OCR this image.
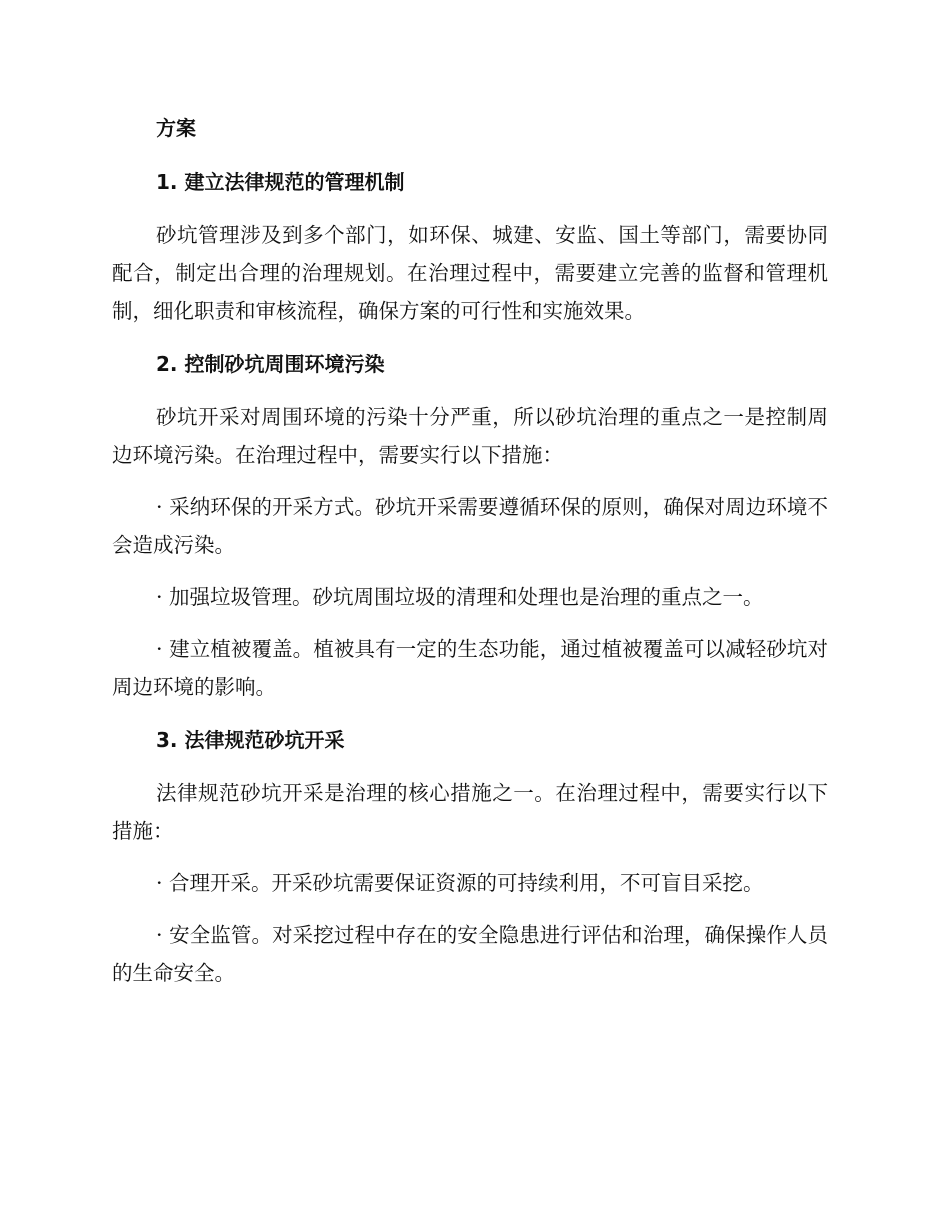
方案
1. 建立法律规范的管理机制
砂坑管理涉及到多个部门，如环保、城建、安监、国土等部门，需要协同配合，制定出合理的治理规划。在治理过程中，需要建立完善的监督和管理机制，细化职责和审核流程，确保方案的可行性和实施效果。
2. 控制砂坑周围环境污染
砂坑开采对周围环境的污染十分严重，所以砂坑治理的重点之一是控制周边环境污染。在治理过程中，需要实行以下措施：
· 采纳环保的开采方式。砂坑开采需要遵循环保的原则，确保对周边环境不会造成污染。
· 加强垃圾管理。砂坑周围垃圾的清理和处理也是治理的重点之一。
· 建立植被覆盖。植被具有一定的生态功能，通过植被覆盖可以减轻砂坑对周边环境的影响。
3. 法律规范砂坑开采
法律规范砂坑开采是治理的核心措施之一。在治理过程中，需要实行以下措施：
· 合理开采。开采砂坑需要保证资源的可持续利用，不可盲目采挖。
· 安全监管。对采挖过程中存在的安全隐患进行评估和治理，确保操作人员的生命安全。
